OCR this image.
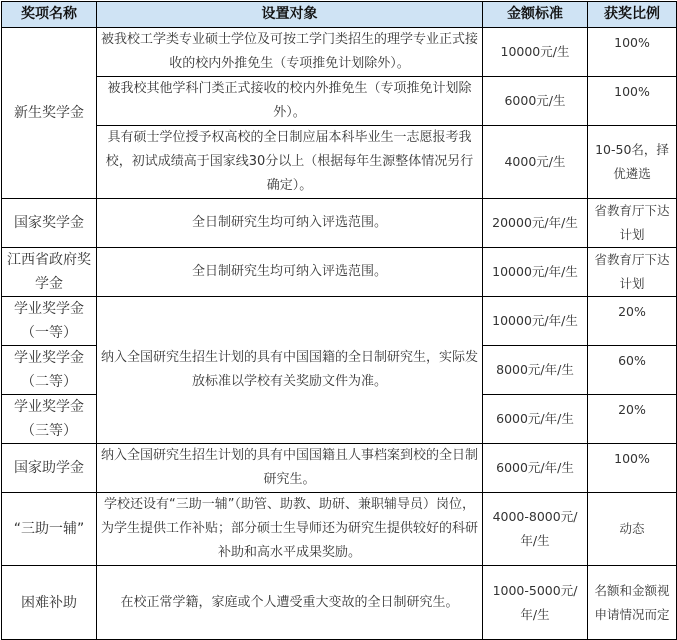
奖项名称	设置对象	金额标准	获奖比例
新生奖学金	被我校工学类专业硕士学位及可按工学门类招生的理学专业正式接收的校内外推免生（专项推免计划除外）。	10000元/生	100%
	被我校其他学科门类正式接收的校内外推免生（专项推免计划除外）。	6000元/生	100%
	具有硕士学位授予权高校的全日制应届本科毕业生一志愿报考我校，初试成绩高于国家线30分以上（根据每年生源整体情况另行确定）。	4000元/生	10-50名，择优遴选
国家奖学金	全日制研究生均可纳入评选范围。	20000元/年/生	省教育厅下达计划
江西省政府奖学金	全日制研究生均可纳入评选范围。	10000元/年/生	省教育厅下达计划
学业奖学金（一等）	纳入全国研究生招生计划的具有中国国籍的全日制研究生，实际发放标准以学校有关奖励文件为准。	10000元/年/生	20%
学业奖学金（二等）		8000元/年/生	60%
学业奖学金（三等）		6000元/年/生	20%
国家助学金	纳入全国研究生招生计划的具有中国国籍且人事档案到校的全日制研究生。	6000元/年/生	100%
“三助一辅”	学校还设有“三助一辅”（助管、助教、助研、兼职辅导员）岗位，为学生提供工作补贴；部分硕士生导师还为研究生提供较好的科研补助和高水平成果奖励。	4000-8000元/年/生	动态
困难补助	在校正常学籍，家庭或个人遭受重大变故的全日制研究生。	1000-5000元/年/生	名额和金额视申请情况而定
